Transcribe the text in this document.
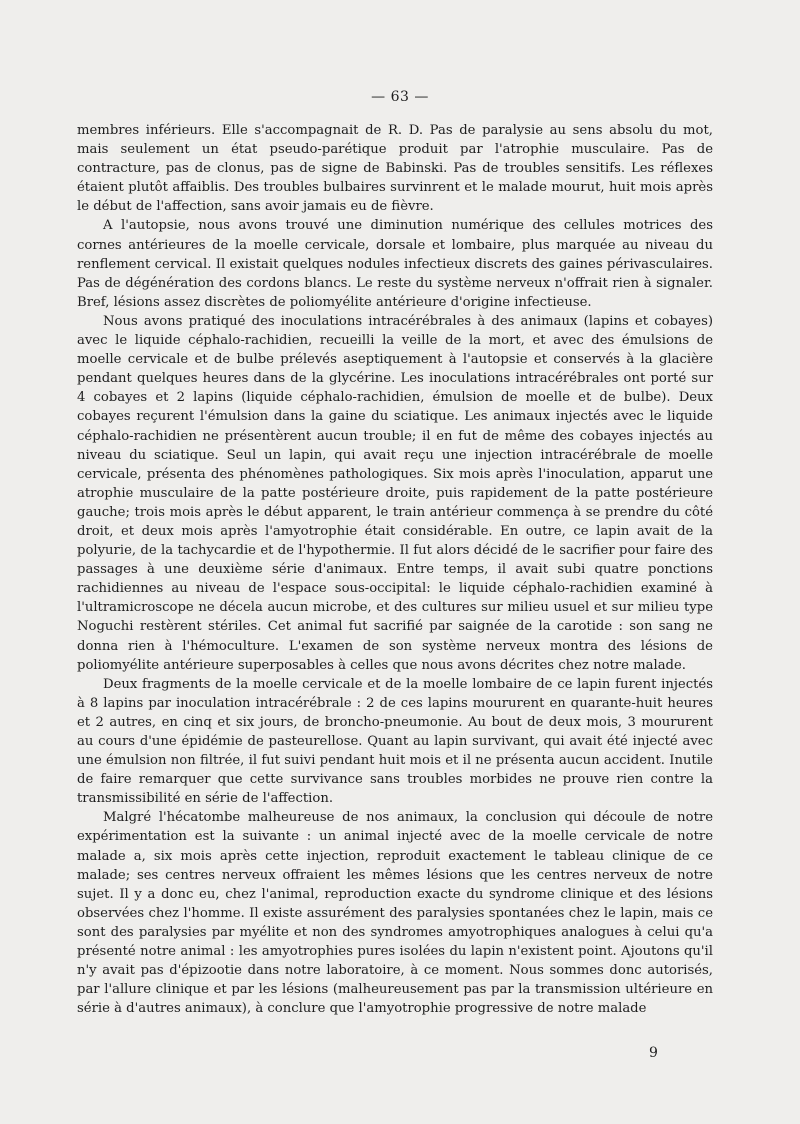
— 63 —

membres inférieurs. Elle s'accompagnait de R. D. Pas de paralysie au sens absolu du mot, mais seulement un état pseudo-parétique produit par l'atrophie musculaire. Pas de contracture, pas de clonus, pas de signe de Babinski. Pas de troubles sensitifs. Les réflexes étaient plutôt affaiblis. Des troubles bulbaires survinrent et le malade mourut, huit mois après le début de l'affection, sans avoir jamais eu de fièvre.

A l'autopsie, nous avons trouvé une diminution numérique des cellules motrices des cornes antérieures de la moelle cervicale, dorsale et lombaire, plus marquée au niveau du renflement cervical. Il existait quelques nodules infectieux discrets des gaines périvasculaires. Pas de dégénération des cordons blancs. Le reste du système nerveux n'offrait rien à signaler. Bref, lésions assez discrètes de poliomyélite antérieure d'origine infectieuse.

Nous avons pratiqué des inoculations intracérébrales à des animaux (lapins et cobayes) avec le liquide céphalo-rachidien, recueilli la veille de la mort, et avec des émulsions de moelle cervicale et de bulbe prélevés aseptiquement à l'autopsie et conservés à la glacière pendant quelques heures dans de la glycérine. Les inoculations intracérébrales ont porté sur 4 cobayes et 2 lapins (liquide céphalo-rachidien, émulsion de moelle et de bulbe). Deux cobayes reçurent l'émulsion dans la gaine du sciatique. Les animaux injectés avec le liquide céphalo-rachidien ne présentèrent aucun trouble; il en fut de même des cobayes injectés au niveau du sciatique. Seul un lapin, qui avait reçu une injection intracérébrale de moelle cervicale, présenta des phénomènes pathologiques. Six mois après l'inoculation, apparut une atrophie musculaire de la patte postérieure droite, puis rapidement de la patte postérieure gauche; trois mois après le début apparent, le train antérieur commença à se prendre du côté droit, et deux mois après l'amyotrophie était considérable. En outre, ce lapin avait de la polyurie, de la tachycardie et de l'hypothermie. Il fut alors décidé de le sacrifier pour faire des passages à une deuxième série d'animaux. Entre temps, il avait subi quatre ponctions rachidiennes au niveau de l'espace sous-occipital: le liquide céphalo-rachidien examiné à l'ultramicroscope ne décela aucun microbe, et des cultures sur milieu usuel et sur milieu type Noguchi restèrent stériles. Cet animal fut sacrifié par saignée de la carotide : son sang ne donna rien à l'hémoculture. L'examen de son système nerveux montra des lésions de poliomyélite antérieure superposables à celles que nous avons décrites chez notre malade.

Deux fragments de la moelle cervicale et de la moelle lombaire de ce lapin furent injectés à 8 lapins par inoculation intracérébrale : 2 de ces lapins moururent en quarante-huit heures et 2 autres, en cinq et six jours, de broncho-pneumonie. Au bout de deux mois, 3 moururent au cours d'une épidémie de pasteurellose. Quant au lapin survivant, qui avait été injecté avec une émulsion non filtrée, il fut suivi pendant huit mois et il ne présenta aucun accident. Inutile de faire remarquer que cette survivance sans troubles morbides ne prouve rien contre la transmissibilité en série de l'affection.

Malgré l'hécatombe malheureuse de nos animaux, la conclusion qui découle de notre expérimentation est la suivante : un animal injecté avec de la moelle cervicale de notre malade a, six mois après cette injection, reproduit exactement le tableau clinique de ce malade; ses centres nerveux offraient les mêmes lésions que les centres nerveux de notre sujet. Il y a donc eu, chez l'animal, reproduction exacte du syndrome clinique et des lésions observées chez l'homme. Il existe assurément des paralysies spontanées chez le lapin, mais ce sont des paralysies par myélite et non des syndromes amyotrophiques analogues à celui qu'a présenté notre animal : les amyotrophies pures isolées du lapin n'existent point. Ajoutons qu'il n'y avait pas d'épizootie dans notre laboratoire, à ce moment. Nous sommes donc autorisés, par l'allure clinique et par les lésions (malheureusement pas par la transmission ultérieure en série à d'autres animaux), à conclure que l'amyotrophie progressive de notre malade

9
